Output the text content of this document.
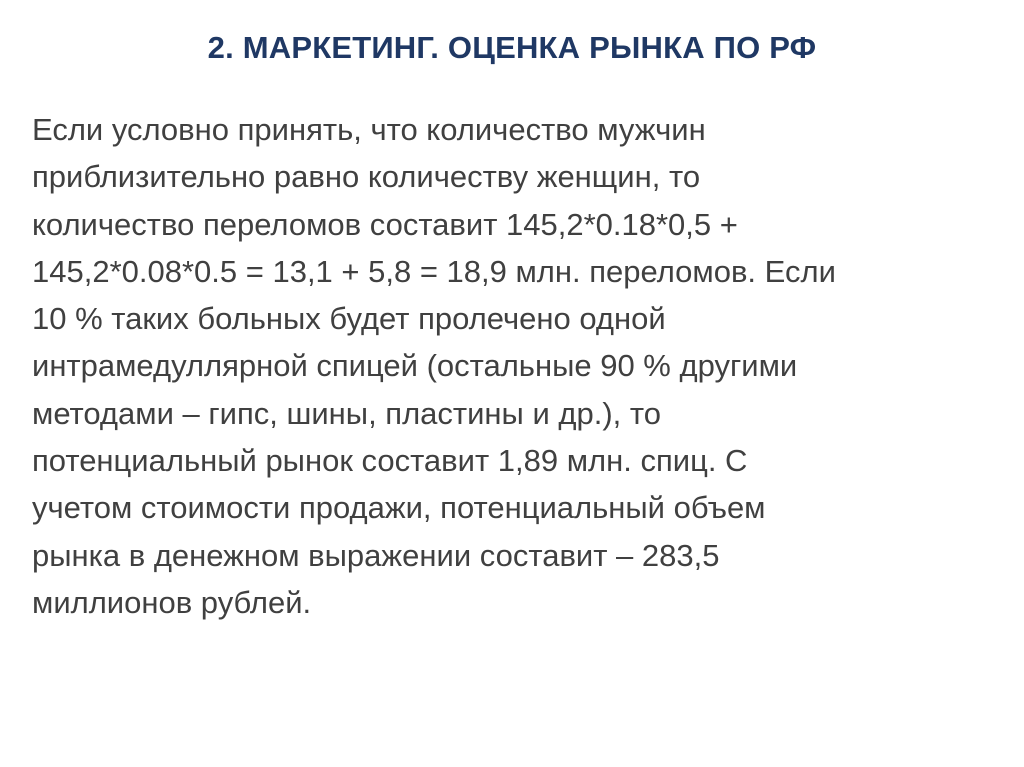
2. МАРКЕТИНГ. ОЦЕНКА РЫНКА ПО РФ
Если условно принять, что количество мужчин
приблизительно равно количеству женщин, то
количество переломов составит 145,2*0.18*0,5 +
145,2*0.08*0.5 = 13,1 + 5,8 = 18,9 млн. переломов. Если
10 % таких больных будет пролечено одной
интрамедуллярной спицей (остальные 90 % другими
методами – гипс, шины, пластины и др.), то
потенциальный рынок составит 1,89 млн. спиц. С
учетом стоимости продажи, потенциальный объем
рынка в денежном выражении составит – 283,5
миллионов рублей.
